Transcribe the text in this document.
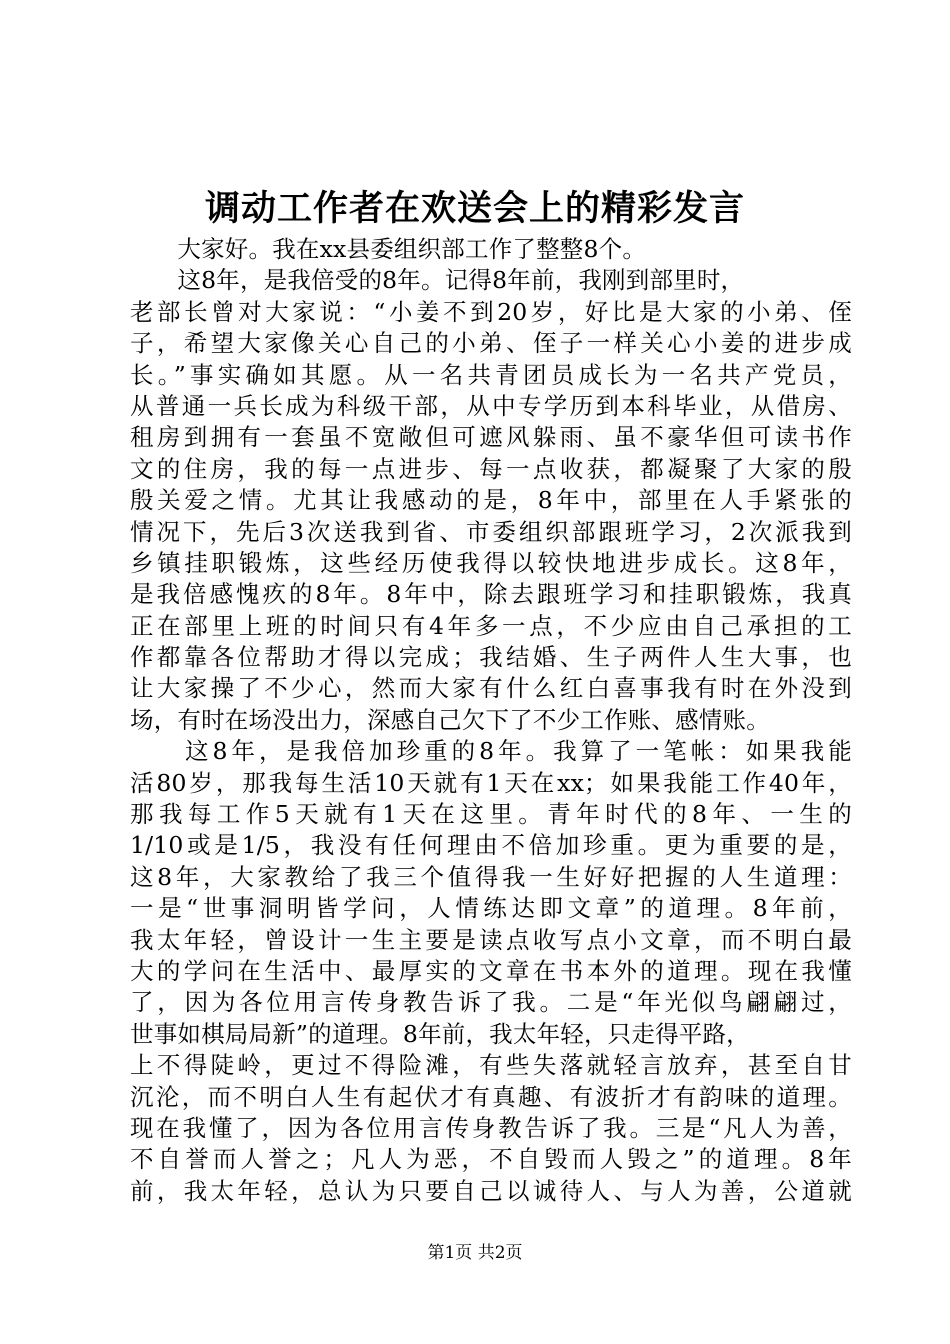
调动工作者在欢送会上的精彩发言
　　大家好。我在xx县委组织部工作了整整8个。
　　这8年，是我倍受的8年。记得8年前，我刚到部里时，
老部长曾对大家说：“小姜不到20岁，好比是大家的小弟、侄
子，希望大家像关心自己的小弟、侄子一样关心小姜的进步成
长。”事实确如其愿。从一名共青团员成长为一名共产党员，
从普通一兵长成为科级干部，从中专学历到本科毕业，从借房、
租房到拥有一套虽不宽敞但可遮风躲雨、虽不豪华但可读书作
文的住房，我的每一点进步、每一点收获，都凝聚了大家的殷
殷关爱之情。尤其让我感动的是，8年中，部里在人手紧张的
情况下，先后3次送我到省、市委组织部跟班学习，2次派我到
乡镇挂职锻炼，这些经历使我得以较快地进步成长。这8年，
是我倍感愧疚的8年。8年中，除去跟班学习和挂职锻炼，我真
正在部里上班的时间只有4年多一点，不少应由自己承担的工
作都靠各位帮助才得以完成；我结婚、生子两件人生大事，也
让大家操了不少心，然而大家有什么红白喜事我有时在外没到
场，有时在场没出力，深感自己欠下了不少工作账、感情账。
　　这8年，是我倍加珍重的8年。我算了一笔帐：如果我能
活80岁，那我每生活10天就有1天在xx；如果我能工作40年，
那我每工作5天就有1天在这里。青年时代的8年、一生的
1/10或是1/5，我没有任何理由不倍加珍重。更为重要的是，
这8年，大家教给了我三个值得我一生好好把握的人生道理：
一是“世事洞明皆学问，人情练达即文章”的道理。8年前，
我太年轻，曾设计一生主要是读点收写点小文章，而不明白最
大的学问在生活中、最厚实的文章在书本外的道理。现在我懂
了，因为各位用言传身教告诉了我。二是“年光似鸟翩翩过，
世事如棋局局新”的道理。8年前，我太年轻，只走得平路，
上不得陡岭，更过不得险滩，有些失落就轻言放弃，甚至自甘
沉沦，而不明白人生有起伏才有真趣、有波折才有韵味的道理。
现在我懂了，因为各位用言传身教告诉了我。三是“凡人为善，
不自誉而人誉之；凡人为恶，不自毁而人毁之”的道理。8年
前，我太年轻，总认为只要自己以诚待人、与人为善，公道就
第1页 共2页
